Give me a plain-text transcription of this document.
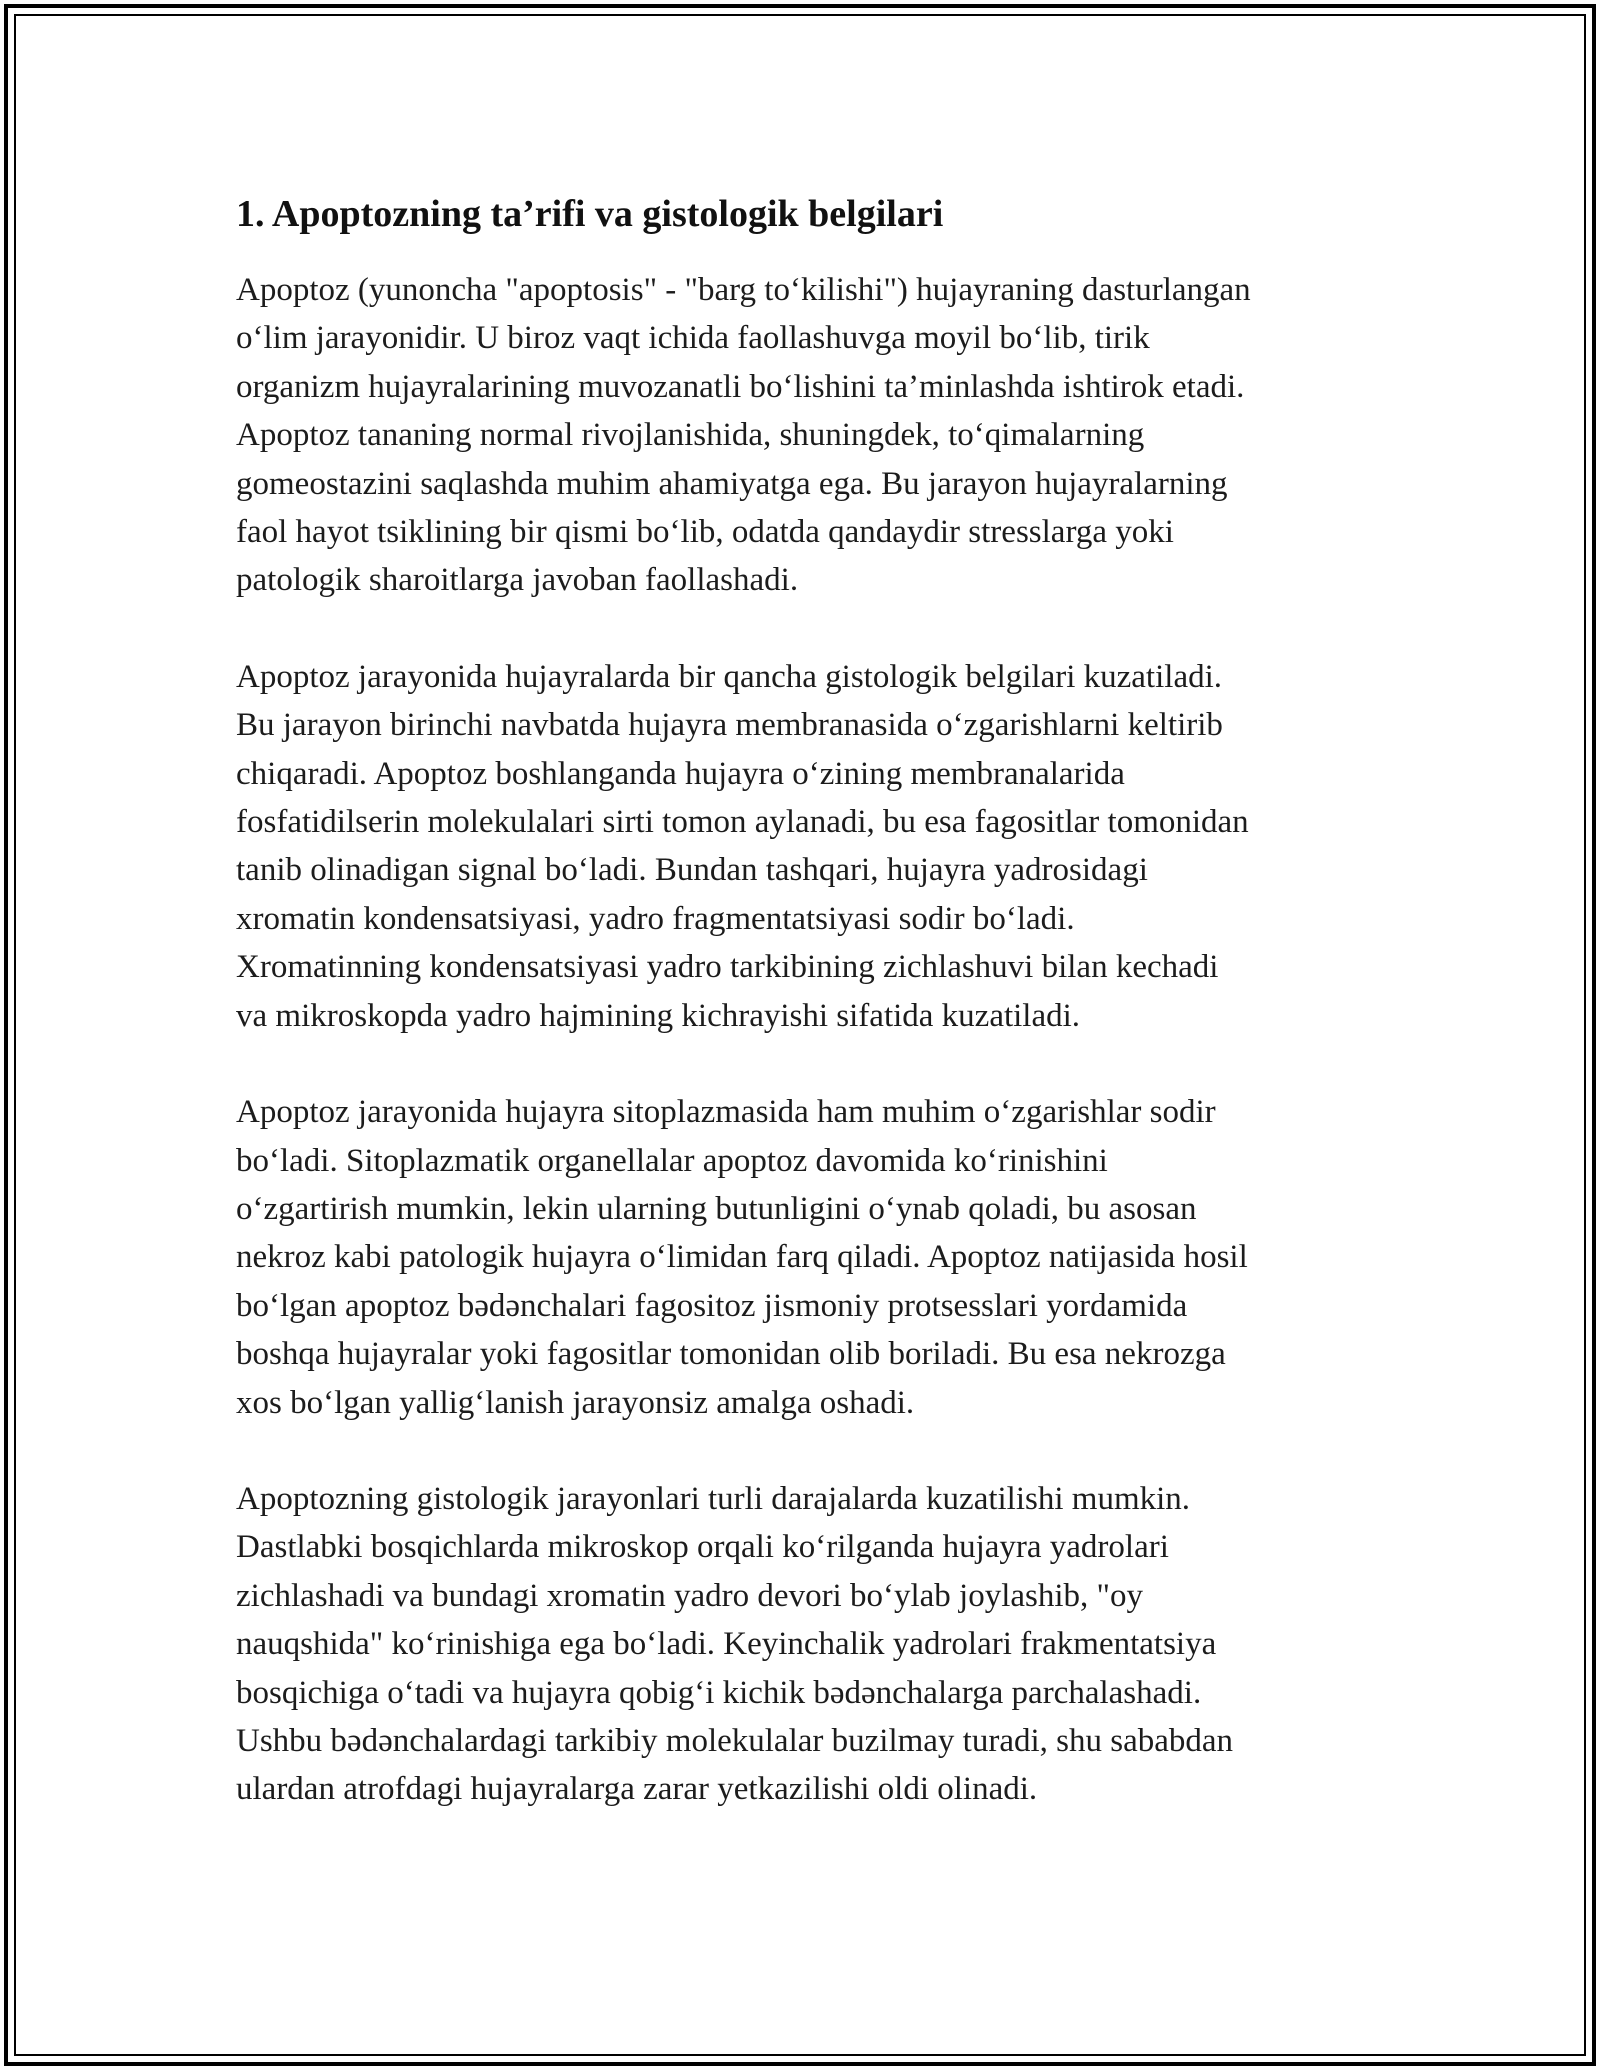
1. Apoptozning ta’rifi va gistologik belgilari

Apoptoz (yunoncha "apoptosis" - "barg to‘kilishi") hujayraning dasturlangan
o‘lim jarayonidir. U biroz vaqt ichida faollashuvga moyil bo‘lib, tirik
organizm hujayralarining muvozanatli bo‘lishini ta’minlashda ishtirok etadi.
Apoptoz tananing normal rivojlanishida, shuningdek, to‘qimalarning
gomeostazini saqlashda muhim ahamiyatga ega. Bu jarayon hujayralarning
faol hayot tsiklining bir qismi bo‘lib, odatda qandaydir stresslarga yoki
patologik sharoitlarga javoban faollashadi.

Apoptoz jarayonida hujayralarda bir qancha gistologik belgilari kuzatiladi.
Bu jarayon birinchi navbatda hujayra membranasida o‘zgarishlarni keltirib
chiqaradi. Apoptoz boshlanganda hujayra o‘zining membranalarida
fosfatidilserin molekulalari sirti tomon aylanadi, bu esa fagositlar tomonidan
tanib olinadigan signal bo‘ladi. Bundan tashqari, hujayra yadrosidagi
xromatin kondensatsiyasi, yadro fragmentatsiyasi sodir bo‘ladi.
Xromatinning kondensatsiyasi yadro tarkibining zichlashuvi bilan kechadi
va mikroskopda yadro hajmining kichrayishi sifatida kuzatiladi.

Apoptoz jarayonida hujayra sitoplazmasida ham muhim o‘zgarishlar sodir
bo‘ladi. Sitoplazmatik organellalar apoptoz davomida ko‘rinishini
o‘zgartirish mumkin, lekin ularning butunligini o‘ynab qoladi, bu asosan
nekroz kabi patologik hujayra o‘limidan farq qiladi. Apoptoz natijasida hosil
bo‘lgan apoptoz bədənchalari fagositoz jismoniy protsesslari yordamida
boshqa hujayralar yoki fagositlar tomonidan olib boriladi. Bu esa nekrozga
xos bo‘lgan yallig‘lanish jarayonsiz amalga oshadi.

Apoptozning gistologik jarayonlari turli darajalarda kuzatilishi mumkin.
Dastlabki bosqichlarda mikroskop orqali ko‘rilganda hujayra yadrolari
zichlashadi va bundagi xromatin yadro devori bo‘ylab joylashib, "oy
nauqshida" ko‘rinishiga ega bo‘ladi. Keyinchalik yadrolari frakmentatsiya
bosqichiga o‘tadi va hujayra qobig‘i kichik bədənchalarga parchalashadi.
Ushbu bədənchalardagi tarkibiy molekulalar buzilmay turadi, shu sababdan
ulardan atrofdagi hujayralarga zarar yetkazilishi oldi olinadi.
